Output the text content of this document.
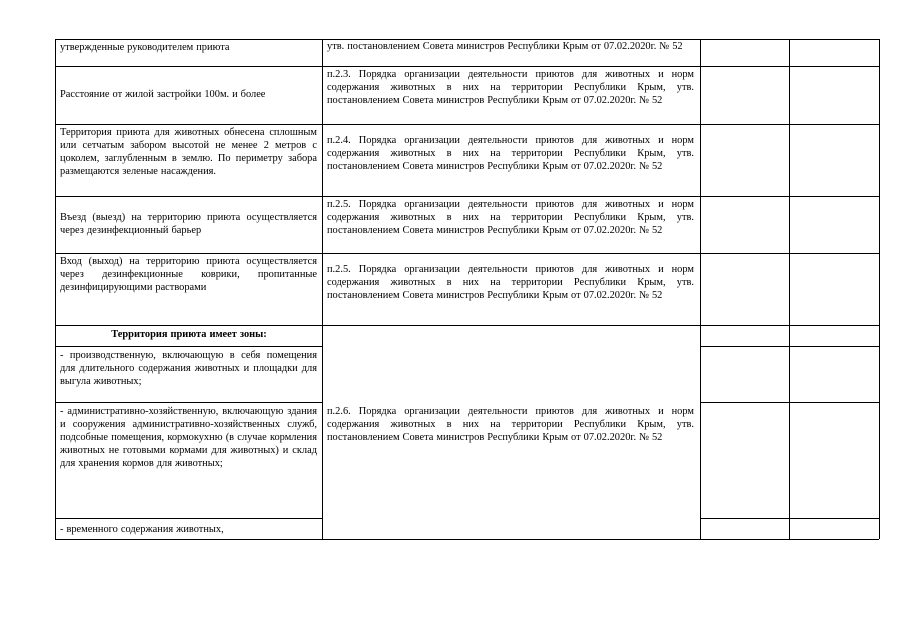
утвержденные руководителем приюта	утв. постановлением Совета министров Республики Крым от 07.02.2020г. № 52
Расстояние от жилой застройки 100м. и более
п.2.3. Порядка организации деятельности приютов для животных и норм содержания животных в них на территории Республики Крым, утв. постановлением Совета министров Республики Крым от 07.02.2020г. № 52
Территория приюта для животных обнесена сплошным или сетчатым забором высотой не менее 2 метров с цоколем, заглубленным в землю. По периметру забора размещаются зеленые насаждения.
п.2.4. Порядка организации деятельности приютов для животных и норм содержания животных в них на территории Республики Крым, утв. постановлением Совета министров Республики Крым от 07.02.2020г. № 52
Въезд (выезд) на территорию приюта осуществляется через дезинфекционный барьер
п.2.5. Порядка организации деятельности приютов для животных и норм содержания животных в них на территории Республики Крым, утв. постановлением Совета министров Республики Крым от 07.02.2020г. № 52
Вход (выход) на территорию приюта осуществляется через дезинфекционные коврики, пропитанные дезинфицирующими растворами
п.2.5. Порядка организации деятельности приютов для животных и норм содержания животных в них на территории Республики Крым, утв. постановлением Совета министров Республики Крым от 07.02.2020г. № 52
Территория приюта имеет зоны:
- производственную, включающую в себя помещения для длительного содержания животных и площадки для выгула животных;
- административно-хозяйственную, включающую здания и сооружения административно-хозяйственных служб, подсобные помещения, кормокухню (в случае кормления животных не готовыми кормами для животных) и склад для хранения кормов для животных;
- временного содержания животных,
п.2.6. Порядка организации деятельности приютов для животных и норм содержания животных в них на территории Республики Крым, утв. постановлением Совета министров Республики Крым от 07.02.2020г. № 52
